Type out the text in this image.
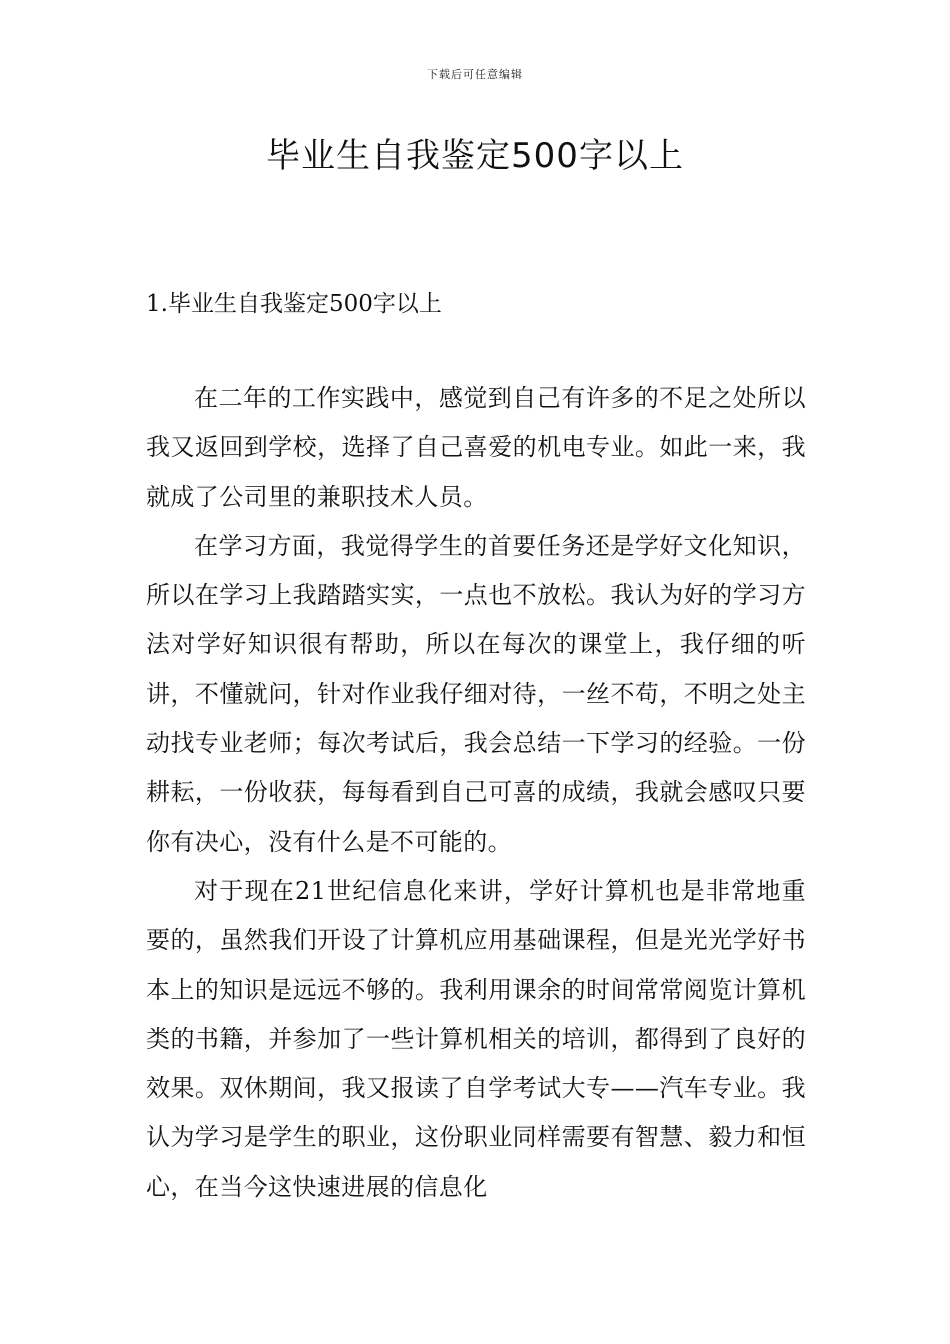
下载后可任意编辑
毕业生自我鉴定500字以上
1.毕业生自我鉴定500字以上

在二年的工作实践中，感觉到自己有许多的不足之处所以我又返回到学校，选择了自己喜爱的机电专业。如此一来，我就成了公司里的兼职技术人员。

在学习方面，我觉得学生的首要任务还是学好文化知识，所以在学习上我踏踏实实，一点也不放松。我认为好的学习方法对学好知识很有帮助，所以在每次的课堂上，我仔细的听讲，不懂就问，针对作业我仔细对待，一丝不苟，不明之处主动找专业老师；每次考试后，我会总结一下学习的经验。一份耕耘，一份收获，每每看到自己可喜的成绩，我就会感叹只要你有决心，没有什么是不可能的。

对于现在21世纪信息化来讲，学好计算机也是非常地重要的，虽然我们开设了计算机应用基础课程，但是光光学好书本上的知识是远远不够的。我利用课余的时间常常阅览计算机类的书籍，并参加了一些计算机相关的培训，都得到了良好的效果。双休期间，我又报读了自学考试大专——汽车专业。我认为学习是学生的职业，这份职业同样需要有智慧、毅力和恒心，在当今这快速进展的信息化
